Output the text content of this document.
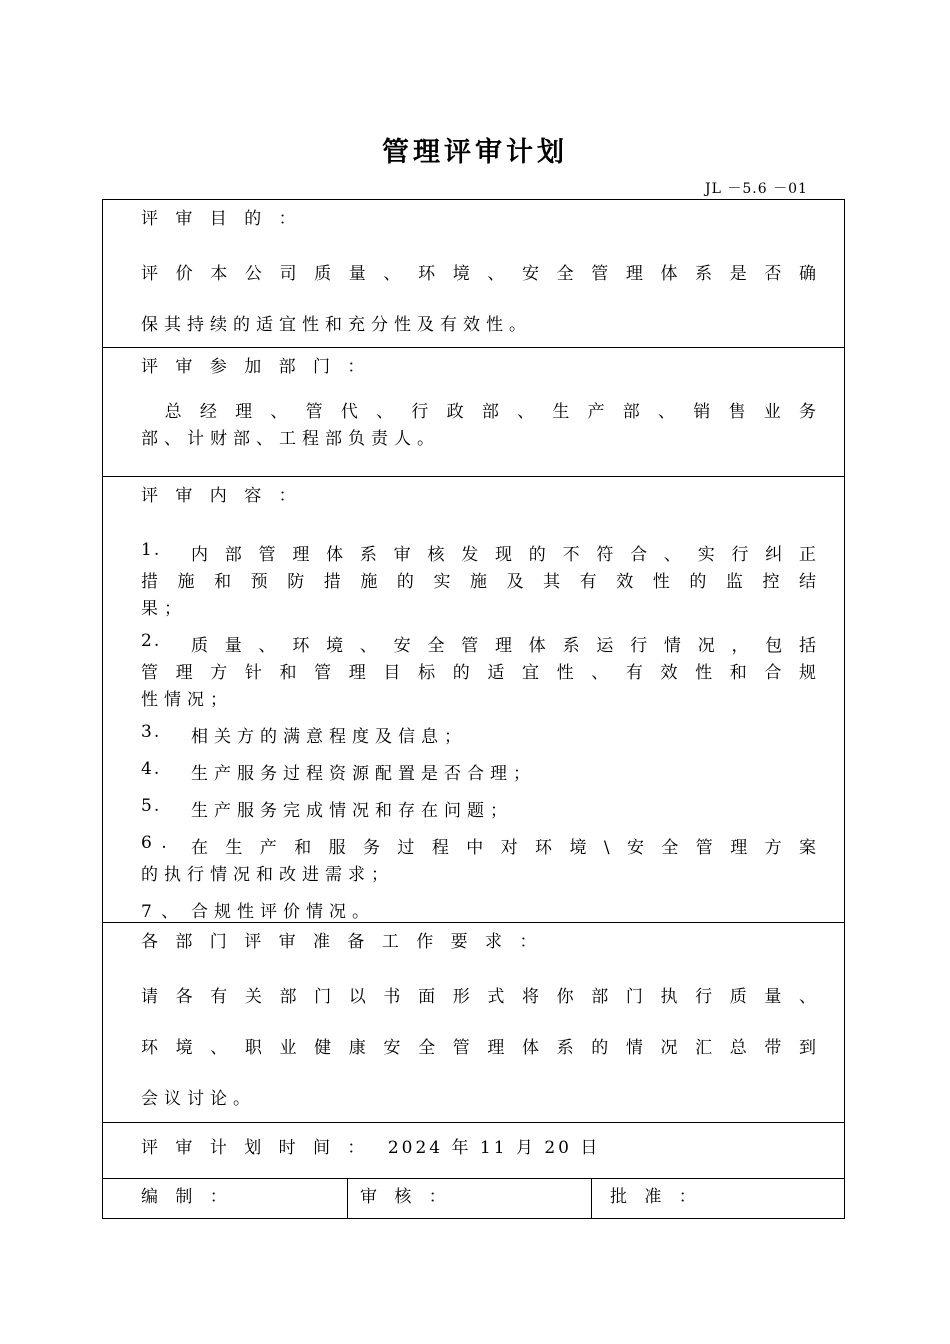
管理评审计划
JL －5.6 －01
评 审 目 的 ：
评价本公司质量、环境、安全管理体系是否确
保其持续的适宜性和充分性及有效性。

评 审 参 加 部 门 ：
总经理、管代、行政部、生产部、销售业务
部、计财部、工程部负责人。

评 审 内 容 ：
1.	内部管理体系审核发现的不符合、实行纠正
措施和预防措施的实施及其有效性的监控结
果；
2.	质量、环境、安全管理体系运行情况，包括
管理方针和管理目标的适宜性、有效性和合规
性情况；
3.	相关方的满意程度及信息；
4.	生产服务过程资源配置是否合理；
5.	生产服务完成情况和存在问题；
6 .	在生产和服务过程中对环境\安全管理方案
的执行情况和改进需求；
7 、 合规性评价情况。

各 部 门 评 审 准 备 工 作 要 求 ：
请各有关部门以书面形式将你部门执行质量、
环境、职业健康安全管理体系的情况汇总带到
会议讨论。

评 审 计 划 时 间 ： 2024 年 11 月 20 日

编 制 ：	审 核 ：	批 准 ：
